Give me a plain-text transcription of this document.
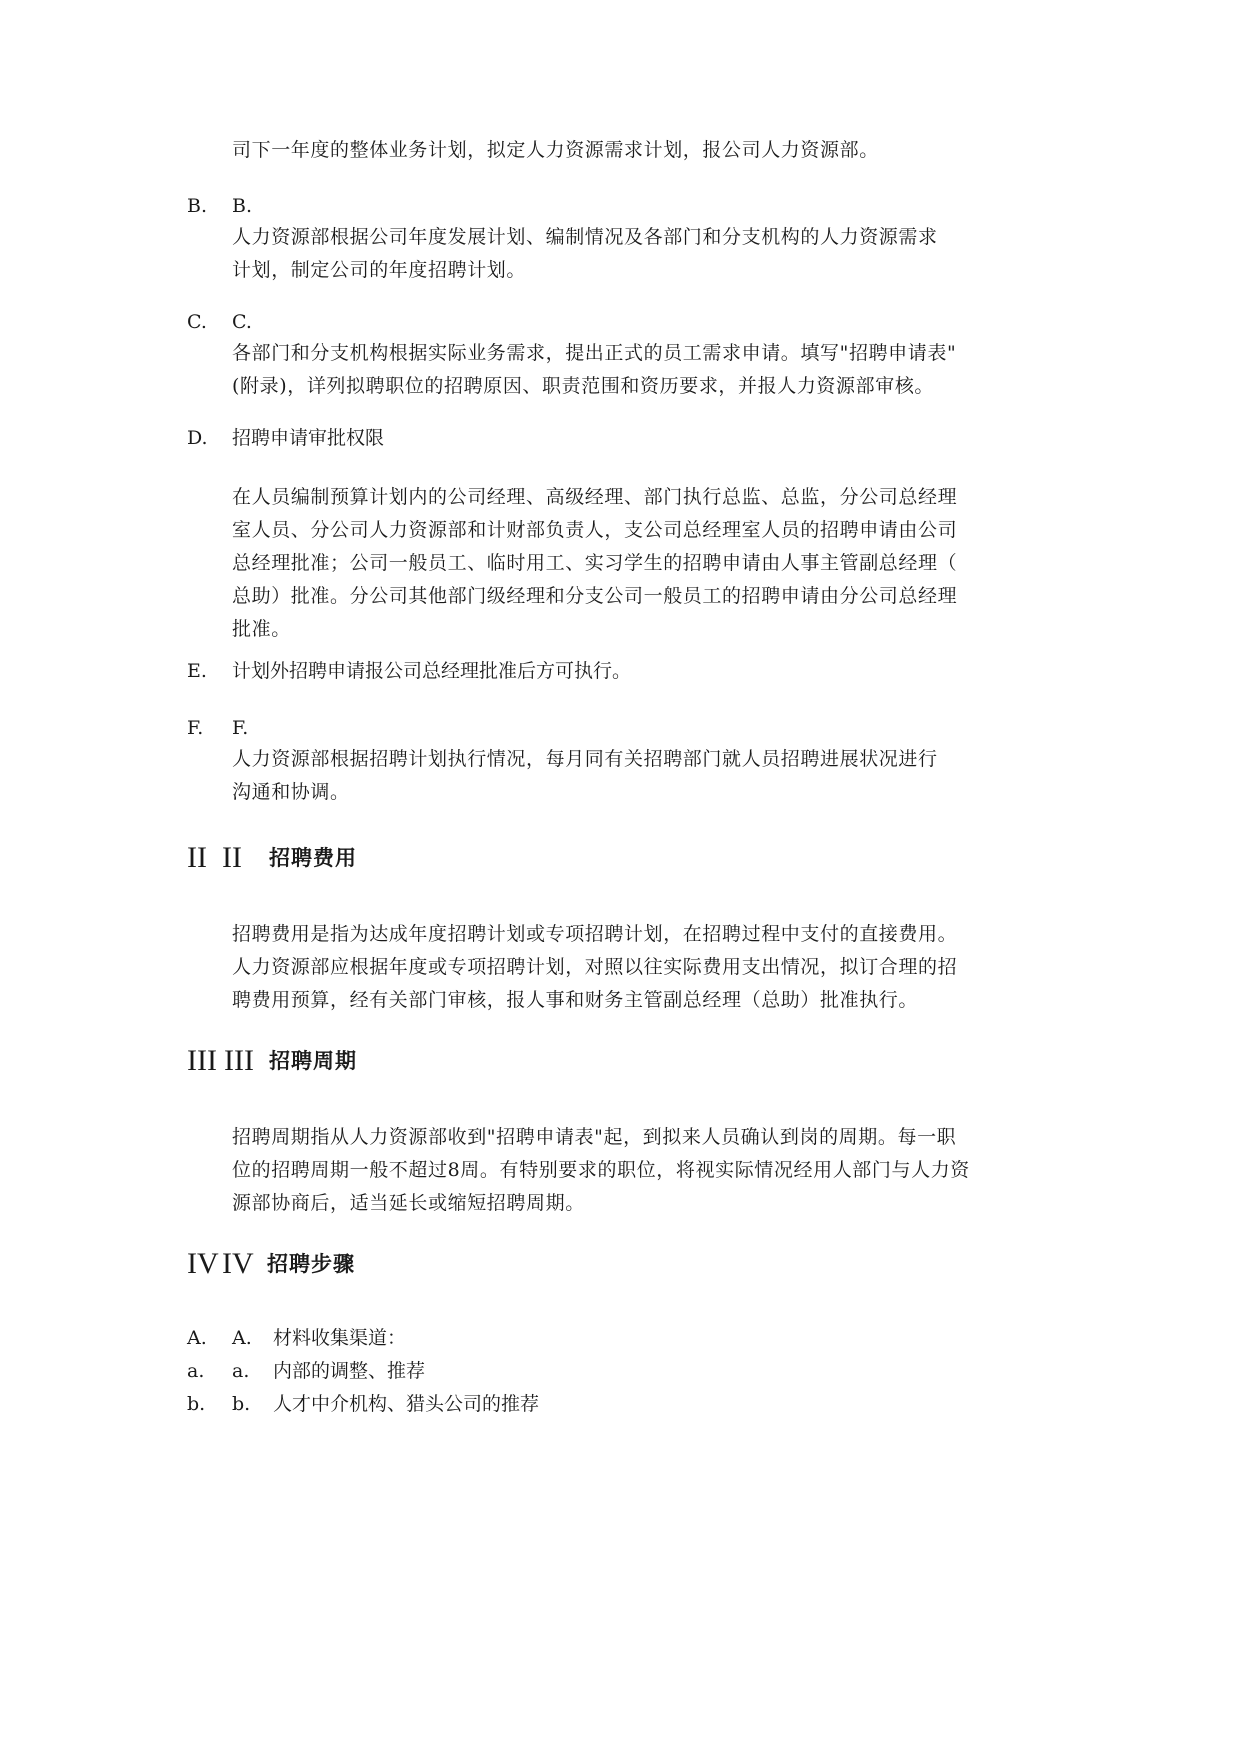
司下一年度的整体业务计划，拟定人力资源需求计划，报公司人力资源部。
B. B.
人力资源部根据公司年度发展计划、编制情况及各部门和分支机构的人力资源需求
计划，制定公司的年度招聘计划。
C. C.
各部门和分支机构根据实际业务需求，提出正式的员工需求申请。填写"招聘申请表"
(附录)，详列拟聘职位的招聘原因、职责范围和资历要求，并报人力资源部审核。
D. 招聘申请审批权限
在人员编制预算计划内的公司经理、高级经理、部门执行总监、总监，分公司总经理
室人员、分公司人力资源部和计财部负责人，支公司总经理室人员的招聘申请由公司
总经理批准；公司一般员工、临时用工、实习学生的招聘申请由人事主管副总经理（
总助）批准。分公司其他部门级经理和分支公司一般员工的招聘申请由分公司总经理
批准。
E. 计划外招聘申请报公司总经理批准后方可执行。
F. F.
人力资源部根据招聘计划执行情况，每月同有关招聘部门就人员招聘进展状况进行
沟通和协调。
II II 招聘费用
招聘费用是指为达成年度招聘计划或专项招聘计划，在招聘过程中支付的直接费用。
人力资源部应根据年度或专项招聘计划，对照以往实际费用支出情况，拟订合理的招
聘费用预算，经有关部门审核，报人事和财务主管副总经理（总助）批准执行。
III III 招聘周期
招聘周期指从人力资源部收到"招聘申请表"起，到拟来人员确认到岗的周期。每一职
位的招聘周期一般不超过8周。有特别要求的职位，将视实际情况经用人部门与人力资
源部协商后，适当延长或缩短招聘周期。
IV IV 招聘步骤
A. A. 材料收集渠道：
a. a. 内部的调整、推荐
b. b. 人才中介机构、猎头公司的推荐
